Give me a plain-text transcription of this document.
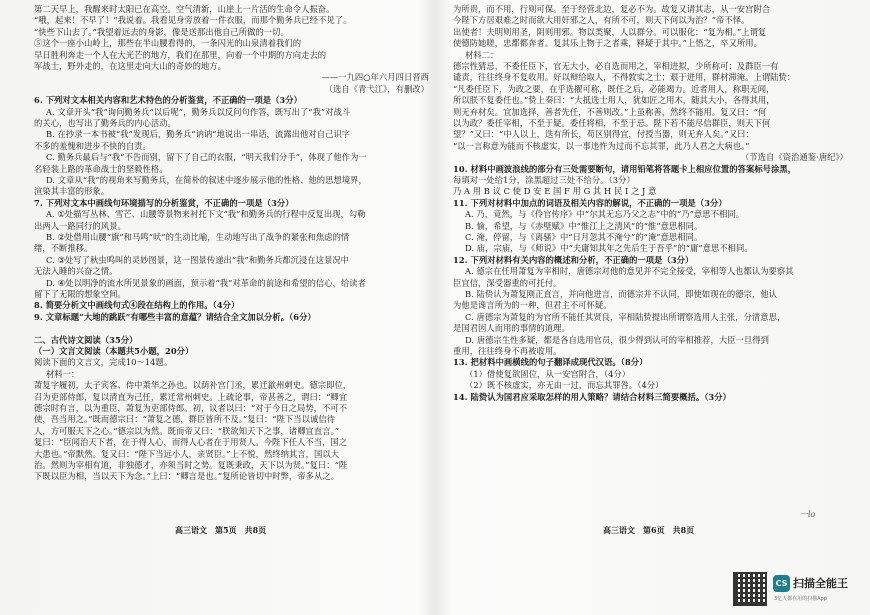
第二天早上，我醒来时太阳已在高空。空气清新，山崖上一片活的生命令人振奋。
“哦，起来！不早了！”我说着。我看见身旁放着一件衣服，而那个勤务兵已经不见了。
“快些下山去了。”我望着远去的身影，像是送那出他自己所做的一切。
⑤这个一座小山岭上，那些在半山腰看得的，一条闪光的山泉清着我们的
早日胜利奔走一个人在大光芒的地方，我们在那里，向着一个中期的方向走去的
军战士，野外走的，在这里走向大山的奇妙的地方。
——一九四○年六月四日晋西
（选自《青弋江》，有删改）
6. 下列对文本相关内容和艺术特色的分析鉴赏，不正确的一项是（3分）
A. 文章开头“我”询问勤务兵“以后呢”，勤务兵以反问句作答，既写出了“我”对战斗
的关心，也写出了勤务兵的内心活动。
B. 在抄录一本书被“我”发现后，勤务兵“讷讷”地说出一串话，流露出他对自己识字
不多的羞愧和进步不快的自责。
C. 勤务兵最后与“我”不告而别，留下了自己的衣服，“明天我们分手”，体现了他作为一
名轻装上路的革命战士的坚毅性格。
D. 文章从“我”的视角来写勤务兵，在简朴的叙述中逐步展示他的性格、他的思想境界，
渲染其丰富的形象。
7. 下列对文本中画线句环境描写的分析鉴赏，不正确的一项是（3分）
A. ①处描写丛林、雪芒、山腰等景物来衬托下文“我”和勤务兵的行程中反复出现，勾勒
出两人一路同行的风景。
B. ②处借用山腰“旗”和马鸣“吠”的生动比喻，生动地写出了战争的紧张和焦虑的情
绪，不断推移。
C. ③处写了秋虫鸣叫的灵妙图景，这一图景传递出“我”和勤务兵都沉浸在这景况中
无法入睡的兴奋之情。
D. ④处以明净的流水所见景象的画面，预示着“我”对革命的前途和希望的信心，给读者
留下了无限的想象空间。
8. 简要分析文中画线句式④段在结构上的作用。（4分）
9. 文章标题“大地的跳跃”有哪些丰富的意蕴？请结合全文加以分析。（6分）
二、古代诗文阅读（35分）
（一）文言文阅读（本题共5小题，20分）
阅读下面的文言文，完成10～14题。
材料一：
萧复字履初，太子宾客、侍中萧华之孙也。以荫补宫门丞，累迁歙州刺史。德宗即位，
召为吏部侍郎，复以清直为己任，累迁常州刺史。上疏论事，帝甚善之，谓曰：“卿宜
德宗时有言，以为重臣，萧复为吏部侍郎。初，议者以曰：“对于今日之局势，不可不
使，吾当用之。”既而德宗曰：“萧复之德，群臣皆所不及。”复曰：“陛下当以诚信待
人，方可服天下之心。”德宗以为然。既而帝又曰：“朕欲知天下之事，诸卿宜直言。”
复曰：“臣闻治天下者，在于得人心，而得人心者在于用贤人。今陛下任人不当，国之
大患也。”帝默然。复又曰：“陛下当远小人，亲贤臣。”上不悦，然终纳其言，国以大
治。然则为宰相有道，非独德才，亦须当时之势。复既秉政，天下以为贤。”复曰：“陛
下既以臣为相，当以天下为念。”上曰：“卿言是也。”复所论皆切中时弊，帝多从之。
高三语文　第5页　共8页
为所贵，而不用，行则可保。至于经营北边，复必不为。故复又请其志，从一安宫附合
今陛下方居艰难之时而欲大用奸邪之人，有所不可，则天下何以为治？”帝不怿。
出使者！夫明则用圣，阴则用邪。物以类聚，人以群分。可以服化：“复为相。”上谓复
使德防她嗟，忠都都奔者。复其乐上物于之者乘，释疑于其中。”上悟之，卒又所用。
材料二：
德宗性猜忌，不委任臣下，官无大小，必自选而用之，宰相进拟，少所称可；及群臣一有
谴责，往往终身不复收用。好以辩给取人，不得敦实之士；艰于进用，群材滞淹。上谓陆贽：
“凡委任臣下，为政之要，在乎选擢可称，既任之后，必能竭力。近者用人，称职无闻，
所以朕不复委任也。”贽上奏曰：“大抵选士用人，犹如匠之用木，随其大小，各得其用，
则无弃材矣。宜加选择，善者先任，不善则改。”上虽称善，然终不能用。复又曰：“何
以为政？委任宰相，不至于疑。委任将相，不至于忌。陛下若不能尽信群臣，则天下何
望？”又曰：“中人以上，迭有所长，苟区别得宜，付授当器，则无弃人矣。”又曰：
“以一言称意为能而不核虚实，以一事违忤为过而不忘其罪，此乃人君之大病也。”
（节选自《资治通鉴·唐纪》）
10. 材料中画波浪线的部分有三处需要断句，请用铅笔将答题卡上相应位置的答案标号涂黑，
每填对一处给1分，涂黑超过三处不给分。（3分）
乃 A 用 B 议 C 使 D 安 E 国 F 用 G 其 H 民 I 之 J 意
11. 下列对材料中加点的词语及相关内容的解说，不正确的一项是（3分）
A. 乃，竟然，与《伶官传序》中“尔其无忘乃父之志”中的“乃”意思不相同。
B. 愉，希望，与《赤壁赋》中“惟江上之清风”的“惟”意思相同。
C. 淹，停留，与《离骚》中“日月忽其不淹兮”的“淹”意思相同。
D. 庙，宗庙，与《师说》中“夫庸知其年之先后生于吾乎”的“庸”意思不相同。
12. 下列对材料有关内容的概述和分析，不正确的一项是（3分）
A. 德宗在任用萧复为宰相时，唐德宗对他的意见并不完全接受，宰相等人也都认为要察其
臣宜信，深受器重的可托付。
B. 陆贽认为萧复刚正直言，并向他进言，而德宗并不认同，即使如现在的德宗，他认
为他是谗言所为的一种，但君主不可怀疑。
C. 唐德宗为萧复的为官所不能任其贤良，宰相陆贽提出所谓察选用人主张，分清意思，
是国君因人而用的事情的道理。
D. 唐德宗生性多疑，都是各自选用官员，很少得到认可的宰相推荐，大臣一旦得到
重用，往往终身不再被收用。
13. 把材料中画横线的句子翻译成现代汉语。（8分）
（1）借使复欲固位，从一安宫附合，（4分）
（2）既不核虚实，亦无由一过，而忘其罪咎。（4分）
14. 陆贽认为国君应采取怎样的用人策略？请结合材料三简要概括。（3分）
高三语文　第6页　共8页
一lo
CS 扫描全能王
3亿人都在用的扫描App
